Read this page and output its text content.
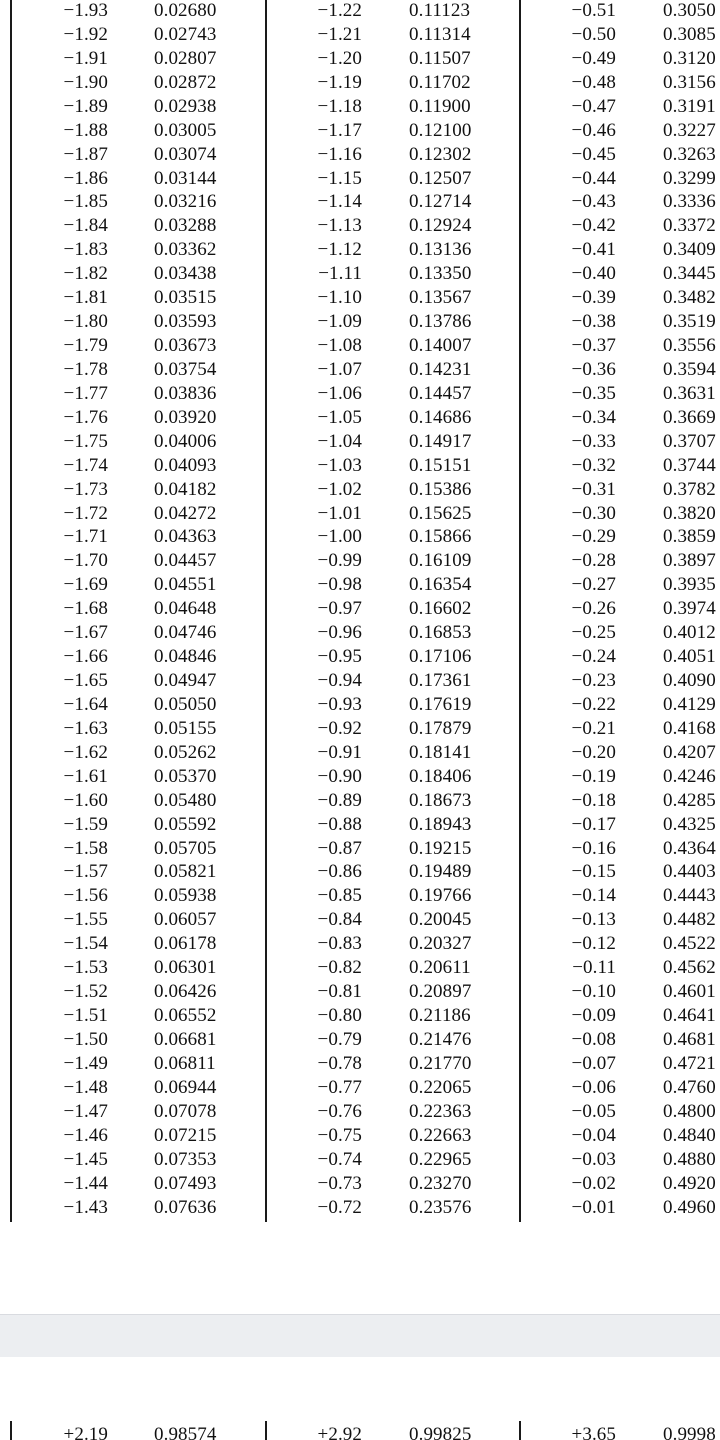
−1.93 0.02680
−1.92 0.02743
−1.91 0.02807
−1.90 0.02872
−1.89 0.02938
−1.88 0.03005
−1.87 0.03074
−1.86 0.03144
−1.85 0.03216
−1.84 0.03288
−1.83 0.03362
−1.82 0.03438
−1.81 0.03515
−1.80 0.03593
−1.79 0.03673
−1.78 0.03754
−1.77 0.03836
−1.76 0.03920
−1.75 0.04006
−1.74 0.04093
−1.73 0.04182
−1.72 0.04272
−1.71 0.04363
−1.70 0.04457
−1.69 0.04551
−1.68 0.04648
−1.67 0.04746
−1.66 0.04846
−1.65 0.04947
−1.64 0.05050
−1.63 0.05155
−1.62 0.05262
−1.61 0.05370
−1.60 0.05480
−1.59 0.05592
−1.58 0.05705
−1.57 0.05821
−1.56 0.05938
−1.55 0.06057
−1.54 0.06178
−1.53 0.06301
−1.52 0.06426
−1.51 0.06552
−1.50 0.06681
−1.49 0.06811
−1.48 0.06944
−1.47 0.07078
−1.46 0.07215
−1.45 0.07353
−1.44 0.07493
−1.43 0.07636
−1.22 0.11123
−1.21 0.11314
−1.20 0.11507
−1.19 0.11702
−1.18 0.11900
−1.17 0.12100
−1.16 0.12302
−1.15 0.12507
−1.14 0.12714
−1.13 0.12924
−1.12 0.13136
−1.11 0.13350
−1.10 0.13567
−1.09 0.13786
−1.08 0.14007
−1.07 0.14231
−1.06 0.14457
−1.05 0.14686
−1.04 0.14917
−1.03 0.15151
−1.02 0.15386
−1.01 0.15625
−1.00 0.15866
−0.99 0.16109
−0.98 0.16354
−0.97 0.16602
−0.96 0.16853
−0.95 0.17106
−0.94 0.17361
−0.93 0.17619
−0.92 0.17879
−0.91 0.18141
−0.90 0.18406
−0.89 0.18673
−0.88 0.18943
−0.87 0.19215
−0.86 0.19489
−0.85 0.19766
−0.84 0.20045
−0.83 0.20327
−0.82 0.20611
−0.81 0.20897
−0.80 0.21186
−0.79 0.21476
−0.78 0.21770
−0.77 0.22065
−0.76 0.22363
−0.75 0.22663
−0.74 0.22965
−0.73 0.23270
−0.72 0.23576
−0.51 0.3050
−0.50 0.3085
−0.49 0.3120
−0.48 0.3156
−0.47 0.3191
−0.46 0.3227
−0.45 0.3263
−0.44 0.3299
−0.43 0.3336
−0.42 0.3372
−0.41 0.3409
−0.40 0.3445
−0.39 0.3482
−0.38 0.3519
−0.37 0.3556
−0.36 0.3594
−0.35 0.3631
−0.34 0.3669
−0.33 0.3707
−0.32 0.3744
−0.31 0.3782
−0.30 0.3820
−0.29 0.3859
−0.28 0.3897
−0.27 0.3935
−0.26 0.3974
−0.25 0.4012
−0.24 0.4051
−0.23 0.4090
−0.22 0.4129
−0.21 0.4168
−0.20 0.4207
−0.19 0.4246
−0.18 0.4285
−0.17 0.4325
−0.16 0.4364
−0.15 0.4403
−0.14 0.4443
−0.13 0.4482
−0.12 0.4522
−0.11 0.4562
−0.10 0.4601
−0.09 0.4641
−0.08 0.4681
−0.07 0.4721
−0.06 0.4760
−0.05 0.4800
−0.04 0.4840
−0.03 0.4880
−0.02 0.4920
−0.01 0.4960
+2.19 0.98574	+2.92 0.99825	+3.65 0.9998
